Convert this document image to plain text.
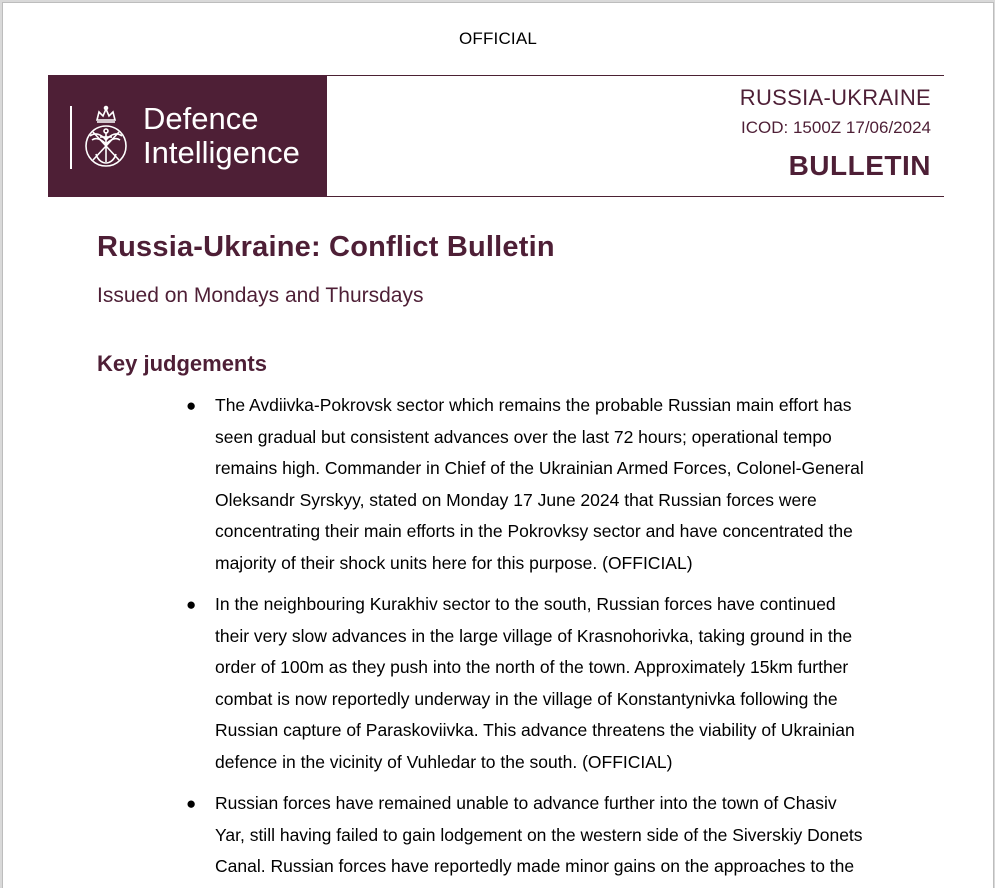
OFFICIAL
Defence
Intelligence
RUSSIA-UKRAINE
ICOD: 1500Z 17/06/2024
BULLETIN
Russia-Ukraine: Conflict Bulletin
Issued on Mondays and Thursdays
Key judgements
● The Avdiivka-Pokrovsk sector which remains the probable Russian main effort has
seen gradual but consistent advances over the last 72 hours; operational tempo
remains high. Commander in Chief of the Ukrainian Armed Forces, Colonel-General
Oleksandr Syrskyy, stated on Monday 17 June 2024 that Russian forces were
concentrating their main efforts in the Pokrovksy sector and have concentrated the
majority of their shock units here for this purpose. (OFFICIAL)
● In the neighbouring Kurakhiv sector to the south, Russian forces have continued
their very slow advances in the large village of Krasnohorivka, taking ground in the
order of 100m as they push into the north of the town. Approximately 15km further
combat is now reportedly underway in the village of Konstantynivka following the
Russian capture of Paraskoviivka. This advance threatens the viability of Ukrainian
defence in the vicinity of Vuhledar to the south. (OFFICIAL)
● Russian forces have remained unable to advance further into the town of Chasiv
Yar, still having failed to gain lodgement on the western side of the Siverskiy Donets
Canal. Russian forces have reportedly made minor gains on the approaches to the
